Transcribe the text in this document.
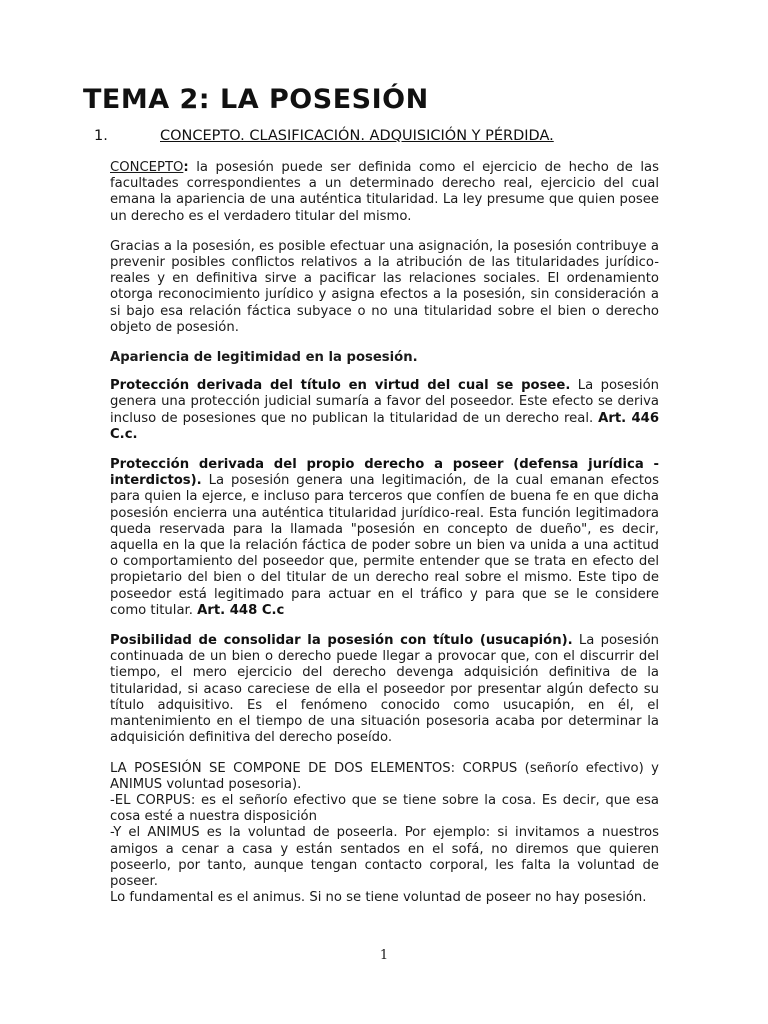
TEMA 2: LA POSESIÓN
1.	CONCEPTO. CLASIFICACIÓN. ADQUISICIÓN Y PÉRDIDA.

CONCEPTO: la posesión puede ser definida como el ejercicio de hecho de las facultades correspondientes a un determinado derecho real, ejercicio del cual emana la apariencia de una auténtica titularidad. La ley presume que quien posee un derecho es el verdadero titular del mismo.

Gracias a la posesión, es posible efectuar una asignación, la posesión contribuye a prevenir posibles conflictos relativos a la atribución de las titularidades jurídico-reales y en definitiva sirve a pacificar las relaciones sociales. El ordenamiento otorga reconocimiento jurídico y asigna efectos a la posesión, sin consideración a si bajo esa relación fáctica subyace o no una titularidad sobre el bien o derecho objeto de posesión.

Apariencia de legitimidad en la posesión.

Protección derivada del título en virtud del cual se posee. La posesión genera una protección judicial sumaría a favor del poseedor. Este efecto se deriva incluso de posesiones que no publican la titularidad de un derecho real. Art. 446 C.c.

Protección derivada del propio derecho a poseer (defensa jurídica - interdictos). La posesión genera una legitimación, de la cual emanan efectos para quien la ejerce, e incluso para terceros que confíen de buena fe en que dicha posesión encierra una auténtica titularidad jurídico-real. Esta función legitimadora queda reservada para la llamada "posesión en concepto de dueño", es decir, aquella en la que la relación fáctica de poder sobre un bien va unida a una actitud o comportamiento del poseedor que, permite entender que se trata en efecto del propietario del bien o del titular de un derecho real sobre el mismo. Este tipo de poseedor está legitimado para actuar en el tráfico y para que se le considere como titular. Art. 448 C.c

Posibilidad de consolidar la posesión con título (usucapión). La posesión continuada de un bien o derecho puede llegar a provocar que, con el discurrir del tiempo, el mero ejercicio del derecho devenga adquisición definitiva de la titularidad, si acaso careciese de ella el poseedor por presentar algún defecto su título adquisitivo. Es el fenómeno conocido como usucapión, en él, el mantenimiento en el tiempo de una situación posesoria acaba por determinar la adquisición definitiva del derecho poseído.

LA POSESIÓN SE COMPONE DE DOS ELEMENTOS: CORPUS (señorío efectivo) y ANIMUS voluntad posesoria).

-EL CORPUS: es el señorío efectivo que se tiene sobre la cosa. Es decir, que esa cosa esté a nuestra disposición

-Y el ANIMUS es la voluntad de poseerla. Por ejemplo: si invitamos a nuestros amigos a cenar a casa y están sentados en el sofá, no diremos que quieren poseerlo, por tanto, aunque tengan contacto corporal, les falta la voluntad de poseer.

Lo fundamental es el animus. Si no se tiene voluntad de poseer no hay posesión.

1
